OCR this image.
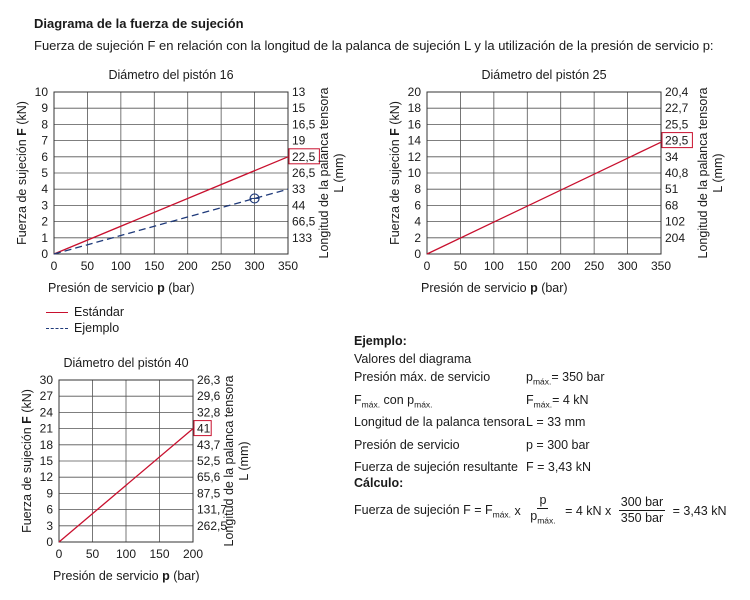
Diagrama de la fuerza de sujeción
Fuerza de sujeción F en relación con la longitud de la palanca de sujeción L y la utilización de la presión de servicio p:
Diámetro del pistón 16
0
1
2
3
4
5
6
7
8
9
10
0 50 100 150 200 250 300 350
133
66,5
44
33
26,5
22,5
19
16,5
15
13
Presión de servicio p (bar)
Fuerza de sujeción F (kN)	Longitud de la palanca tensora L (mm)
Diámetro del pistón 25
0
2
4
6
8
10
12
14
16
18
20
0 50 100 150 200 250 300 350
204
102
68
51
40,8
34
29,5
25,5
22,7
20,4
Presión de servicio p (bar)
Fuerza de sujeción F (kN)	Longitud de la palanca tensora L (mm)
Diámetro del pistón 40
0
3
6
9
12
15
18
21
24
27
30
0 50 100 150 200
262,5
131,7
87,5
65,6
52,5
43,7
41
32,8
29,6
26,3
Presión de servicio p (bar)
Fuerza de sujeción F (kN)	Longitud de la palanca tensora L (mm)
Estándar
Ejemplo
Ejemplo:
Valores del diagrama
Presión máx. de servicio	$p_{máx.}= 350$ bar
$F_{máx.}$ con $p_{máx.}$	$F_{máx.}= 4$ kN
Longitud de la palanca tensora	L = 33 mm
Presión de servicio	p = 300 bar
Fuerza de sujeción resultante	F = 3,43 kN
Cálculo:
Fuerza de sujeción $F = F_{máx.}$ x $\frac{p}{p_{máx.}} = 4$ kN x $\frac{\text{300 bar}}{\text{350 bar}} = 3,43$ kN
